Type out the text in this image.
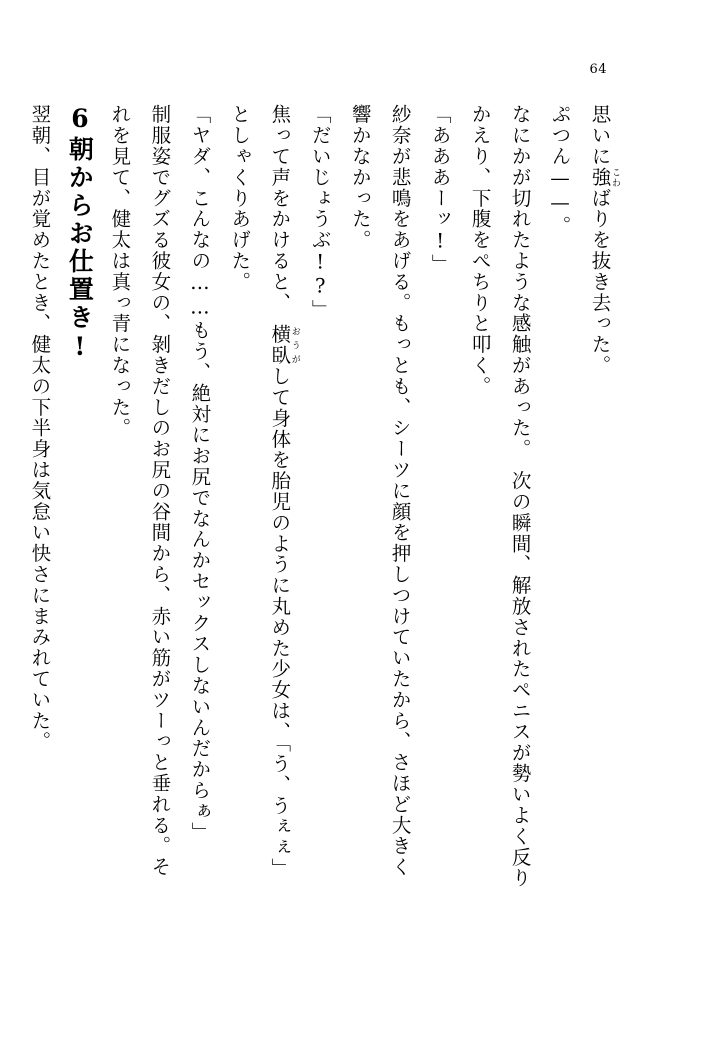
64

思いに強こわばりを抜き去った。

ぷつん——。

なにかが切れたような感触があった。　次の瞬間、解放されたペニスが勢いよく反りかえり、下腹をぺちりと叩く。

「あああーッ!」

紗奈が悲鳴をあげる。もっとも、シーツに顔を押しつけていたから、さほど大きく響かなかった。

「だいじょうぶ!?」

焦って声をかけると、　横臥おうがして身体を胎児のように丸めた少女は、「う、うぇぇ」としゃくりあげた。

「ヤダ、こんなの……もう、絶対にお尻でなんかセックスしないんだからぁ」

制服姿でグズる彼女の、剝きだしのお尻の谷間から、赤い筋がツーっと垂れる。それを見て、健太は真っ青になった。

6朝からお仕置き!

翌朝、目が覚めたとき、健太の下半身は気怠い快さにまみれていた。
